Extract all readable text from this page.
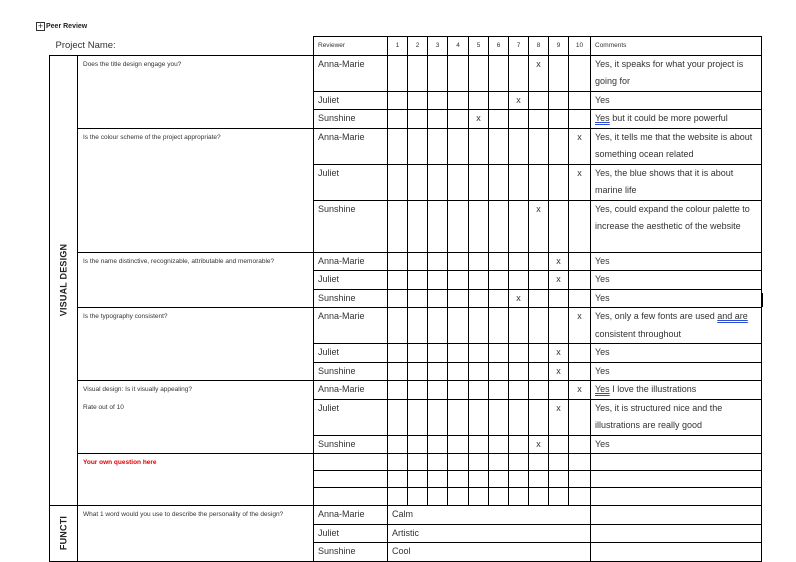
+ Peer Review
Project Name:		Reviewer	1	2	3	4	5	6	7	8	9	10	Comments

VISUAL DESIGN	Does the title design engage you?	Anna-Marie								x			Yes, it speaks for what your project is going for
		Juliet							x				Yes
		Sunshine					x						Yes but it could be more powerful

	Is the colour scheme of the project appropriate?	Anna-Marie										x	Yes, it tells me that the website is about something ocean related
		Juliet										x	Yes, the blue shows that it is about marine life
		Sunshine								x			Yes, could expand the colour palette to increase the aesthetic of the website

	Is the name distinctive, recognizable, attributable and memorable?	Anna-Marie									x		Yes
		Juliet									x		Yes
		Sunshine							x				Yes

	Is the typography consistent?	Anna-Marie										x	Yes, only a few fonts are used and are consistent throughout
		Juliet									x		Yes
		Sunshine									x		Yes

	Visual design: Is it visually appealing?
Rate out of 10	Anna-Marie										x	Yes I love the illustrations
		Juliet									x		Yes, it is structured nice and the illustrations are really good
		Sunshine								x			Yes

	Your own question here												

FUNCTI	What 1 word would you use to describe the personality of the design?	Anna-Marie	Calm										
		Juliet	Artistic										
		Sunshine	Cool										
